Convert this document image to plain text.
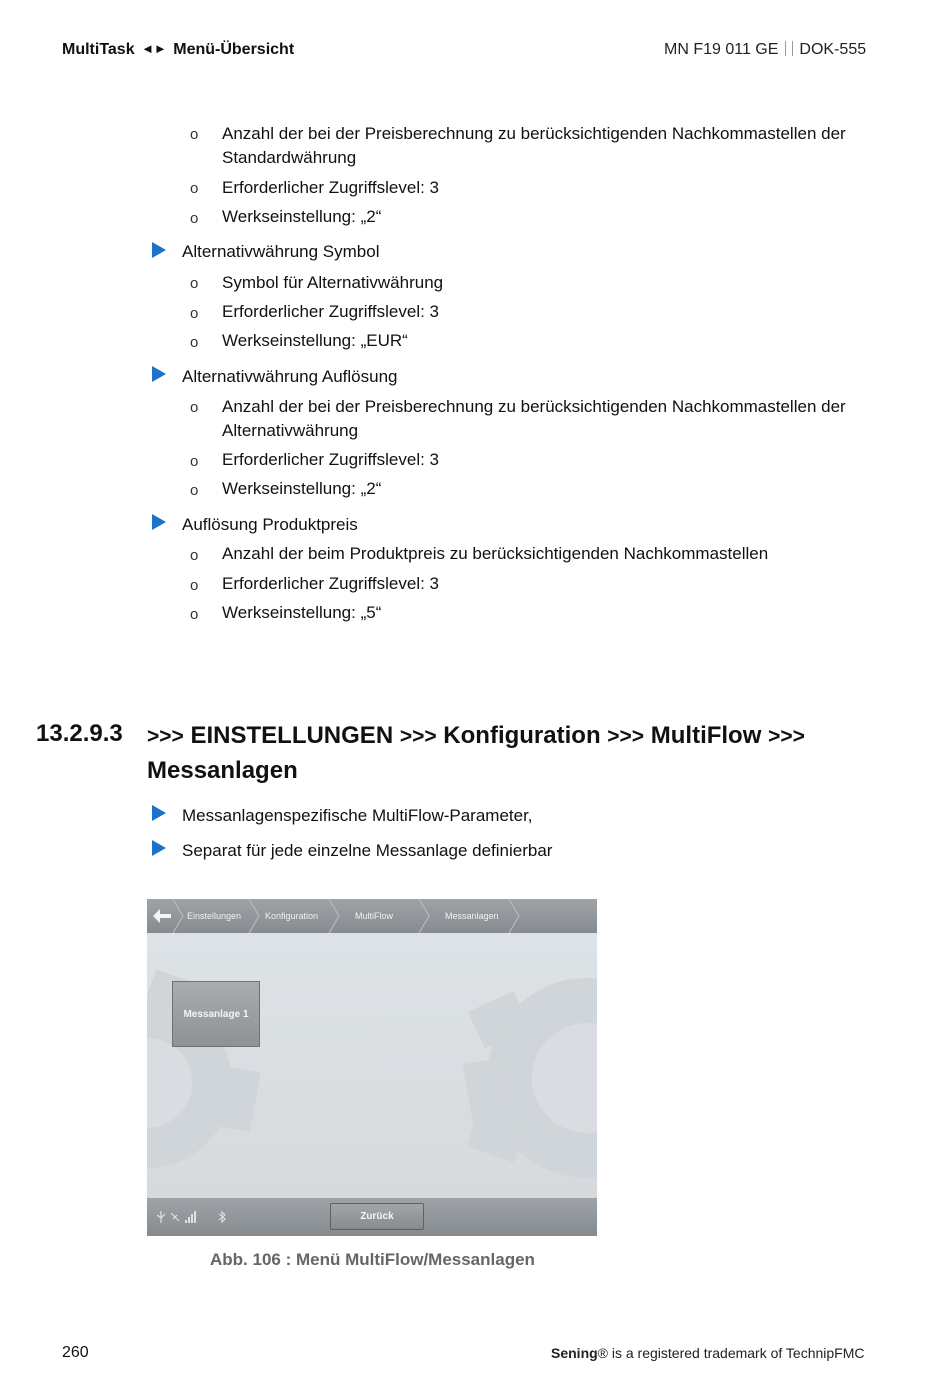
MultiTask ◄► Menü-Übersicht	MN F19 011 GE DOK-555
o Anzahl der bei der Preisberechnung zu berücksichtigenden Nachkommastellen der Standardwährung
o Erforderlicher Zugriffslevel: 3
o Werkseinstellung: „2“
Alternativwährung Symbol
o Symbol für Alternativwährung
o Erforderlicher Zugriffslevel: 3
o Werkseinstellung: „EUR“
Alternativwährung Auflösung
o Anzahl der bei der Preisberechnung zu berücksichtigenden Nachkommastellen der Alternativwährung
o Erforderlicher Zugriffslevel: 3
o Werkseinstellung: „2“
Auflösung Produktpreis
o Anzahl der beim Produktpreis zu berücksichtigenden Nachkommastellen
o Erforderlicher Zugriffslevel: 3
o Werkseinstellung: „5“
13.2.9.3 >>> EINSTELLUNGEN >>> Konfiguration >>> MultiFlow >>>
Messanlagen
Messanlagenspezifische MultiFlow-Parameter,
Separat für jede einzelne Messanlage definierbar
Messanlage 1
Einstellungen	Konfiguration	MultiFlow	Messanlagen
Zurück
Abb. 106 : Menü MultiFlow/Messanlagen
260	Sening® is a registered trademark of TechnipFMC
